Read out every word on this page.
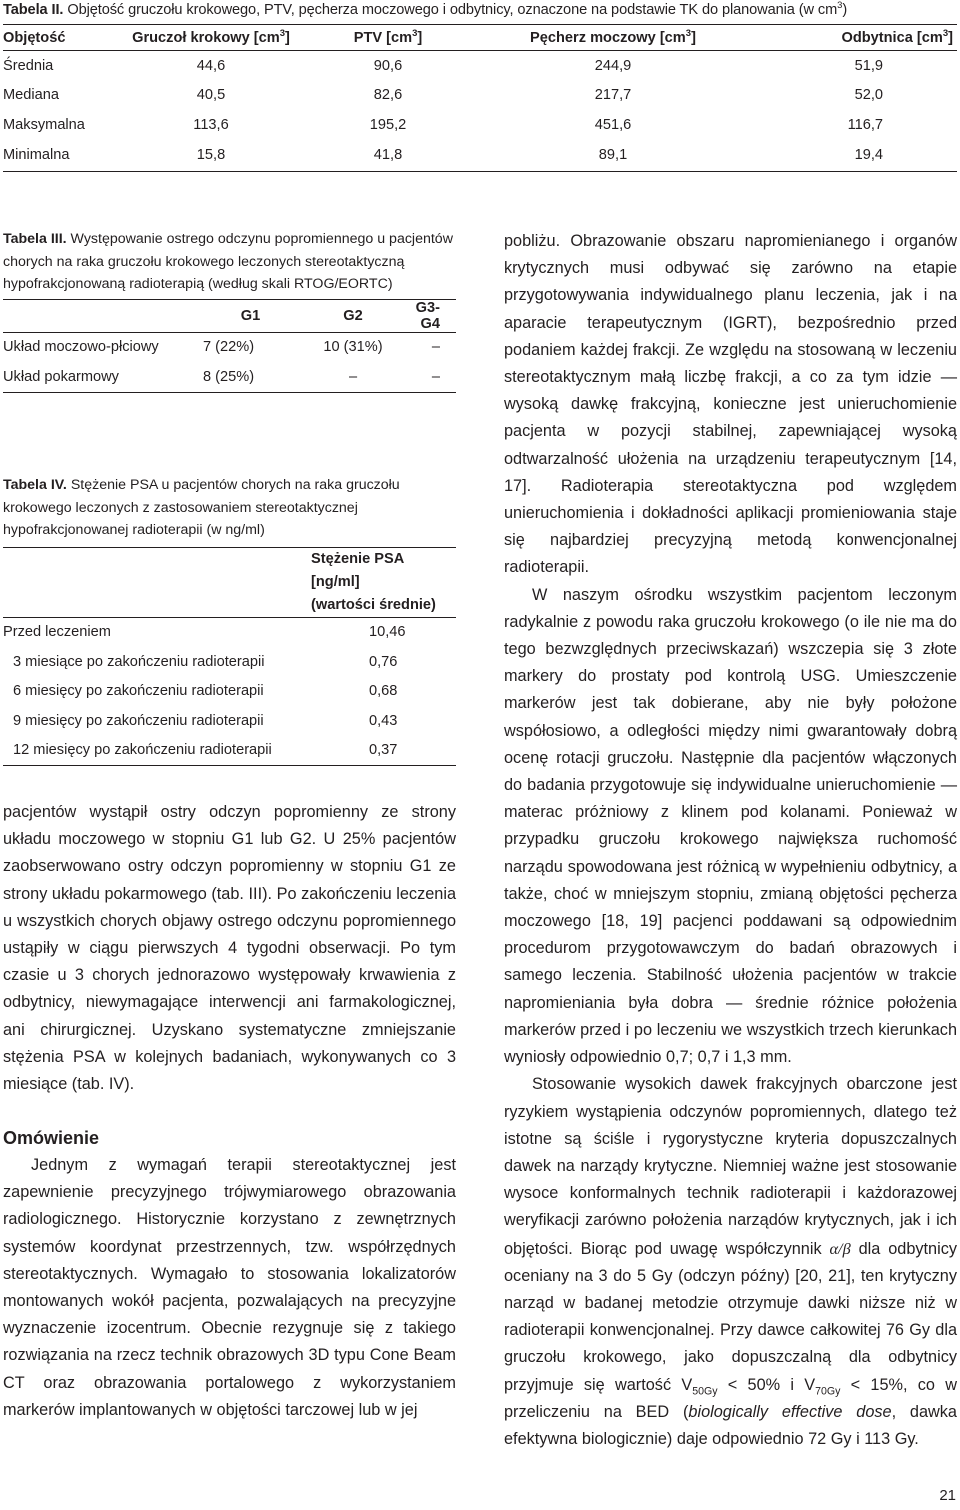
Tabela II. Objętość gruczołu krokowego, PTV, pęcherza moczowego i odbytnicy, oznaczone na podstawie TK do planowania (w $cm^3$)
Objętość	Gruczoł krokowy $[cm^3]$	PTV $[cm^3]$	Pęcherz moczowy $[cm^3]$	Odbytnica $[cm^3]$
Średnia	44,6	90,6	244,9	51,9
Mediana	40,5	82,6	217,7	52,0
Maksymalna	113,6	195,2	451,6	116,7
Minimalna	15,8	41,8	89,1	19,4
Tabela III. Występowanie ostrego odczynu popromiennego u pacjentów chorych na raka gruczołu krokowego leczonych stereotaktyczną hypofrakcjonowaną radioterapią (według skali RTOG/EORTC)
	G1	G2	G3-G4
Układ moczowo-płciowy	7 (22%)	10 (31%)	–
Układ pokarmowy	8 (25%)	–	–
Tabela IV. Stężenie PSA u pacjentów chorych na raka gruczołu krokowego leczonych z zastosowaniem stereotaktycznej hypofrakcjonowanej radioterapii (w ng/ml)
	Stężenie PSA [ng/ml]
(wartości średnie)
Przed leczeniem	10,46
3 miesiące po zakończeniu radioterapii	0,76
6 miesięcy po zakończeniu radioterapii	0,68
9 miesięcy po zakończeniu radioterapii	0,43
12 miesięcy po zakończeniu radioterapii	0,37

pacjentów wystąpił ostry odczyn popromienny ze strony układu moczowego w stopniu G1 lub G2. U 25% pacjentów zaobserwowano ostry odczyn popromienny w stopniu G1 ze strony układu pokarmowego (tab. III). Po zakończeniu leczenia u wszystkich chorych objawy ostrego odczynu popromiennego ustąpiły w ciągu pierwszych 4 tygodni obserwacji. Po tym czasie u 3 chorych jednorazowo występowały krwawienia z odbytnicy, niewymagające interwencji ani farmakologicznej, ani chirurgicznej. Uzyskano systematyczne zmniejszanie stężenia PSA w kolejnych badaniach, wykonywanych co 3 miesiące (tab. IV).

Omówienie

Jednym z wymagań terapii stereotaktycznej jest zapewnienie precyzyjnego trójwymiarowego obrazowania radiologicznego. Historycznie korzystano z zewnętrznych systemów koordynat przestrzennych, tzw. współrzędnych stereotaktycznych. Wymagało to stosowania lokalizatorów montowanych wokół pacjenta, pozwalających na precyzyjne wyznaczenie izocentrum. Obecnie rezygnuje się z takiego rozwiązania na rzecz technik obrazowych 3D typu Cone Beam CT oraz obrazowania portalowego z wykorzystaniem markerów implantowanych w objętości tarczowej lub w jej

pobliżu. Obrazowanie obszaru napromienianego i organów krytycznych musi odbywać się zarówno na etapie przygotowywania indywidualnego planu leczenia, jak i na aparacie terapeutycznym (IGRT), bezpośrednio przed podaniem każdej frakcji. Ze względu na stosowaną w leczeniu stereotaktycznym małą liczbę frakcji, a co za tym idzie — wysoką dawkę frakcyjną, konieczne jest unieruchomienie pacjenta w pozycji stabilnej, zapewniającej wysoką odtwarzalność ułożenia na urządzeniu terapeutycznym [14, 17]. Radioterapia stereotaktyczna pod względem unieruchomienia i dokładności aplikacji promieniowania staje się najbardziej precyzyjną metodą konwencjonalnej radioterapii.

W naszym ośrodku wszystkim pacjentom leczonym radykalnie z powodu raka gruczołu krokowego (o ile nie ma do tego bezwzględnych przeciwskazań) wszczepia się 3 złote markery do prostaty pod kontrolą USG. Umieszczenie markerów jest tak dobierane, aby nie były położone współosiowo, a odległości między nimi gwarantowały dobrą ocenę rotacji gruczołu. Następnie dla pacjentów włączonych do badania przygotowuje się indywidualne unieruchomienie — materac próżniowy z klinem pod kolanami. Ponieważ w przypadku gruczołu krokowego największa ruchomość narządu spowodowana jest różnicą w wypełnieniu odbytnicy, a także, choć w mniejszym stopniu, zmianą objętości pęcherza moczowego [18, 19] pacjenci poddawani są odpowiednim procedurom przygotowawczym do badań obrazowych i samego leczenia. Stabilność ułożenia pacjentów w trakcie napromieniania była dobra — średnie różnice położenia markerów przed i po leczeniu we wszystkich trzech kierunkach wyniosły odpowiednio 0,7; 0,7 i 1,3 mm.

Stosowanie wysokich dawek frakcyjnych obarczone jest ryzykiem wystąpienia odczynów popromiennych, dlatego też istotne są ściśle i rygorystyczne kryteria dopuszczalnych dawek na narządy krytyczne. Niemniej ważne jest stosowanie wysoce konformalnych technik radioterapii i każdorazowej weryfikacji zarówno położenia narządów krytycznych, jak i ich objętości. Biorąc pod uwagę współczynnik α/β dla odbytnicy oceniany na 3 do 5 Gy (odczyn późny) [20, 21], ten krytyczny narząd w badanej metodzie otrzymuje dawki niższe niż w radioterapii konwencjonalnej. Przy dawce całkowitej 76 Gy dla gruczołu krokowego, jako dopuszczalną dla odbytnicy przyjmuje się wartość $V_{50Gy} < 50\%$ i $V_{70Gy} < 15\%$, co w przeliczeniu na BED (biologically effective dose, dawka efektywna biologicznie) daje odpowiednio 72 Gy i 113 Gy.

21
